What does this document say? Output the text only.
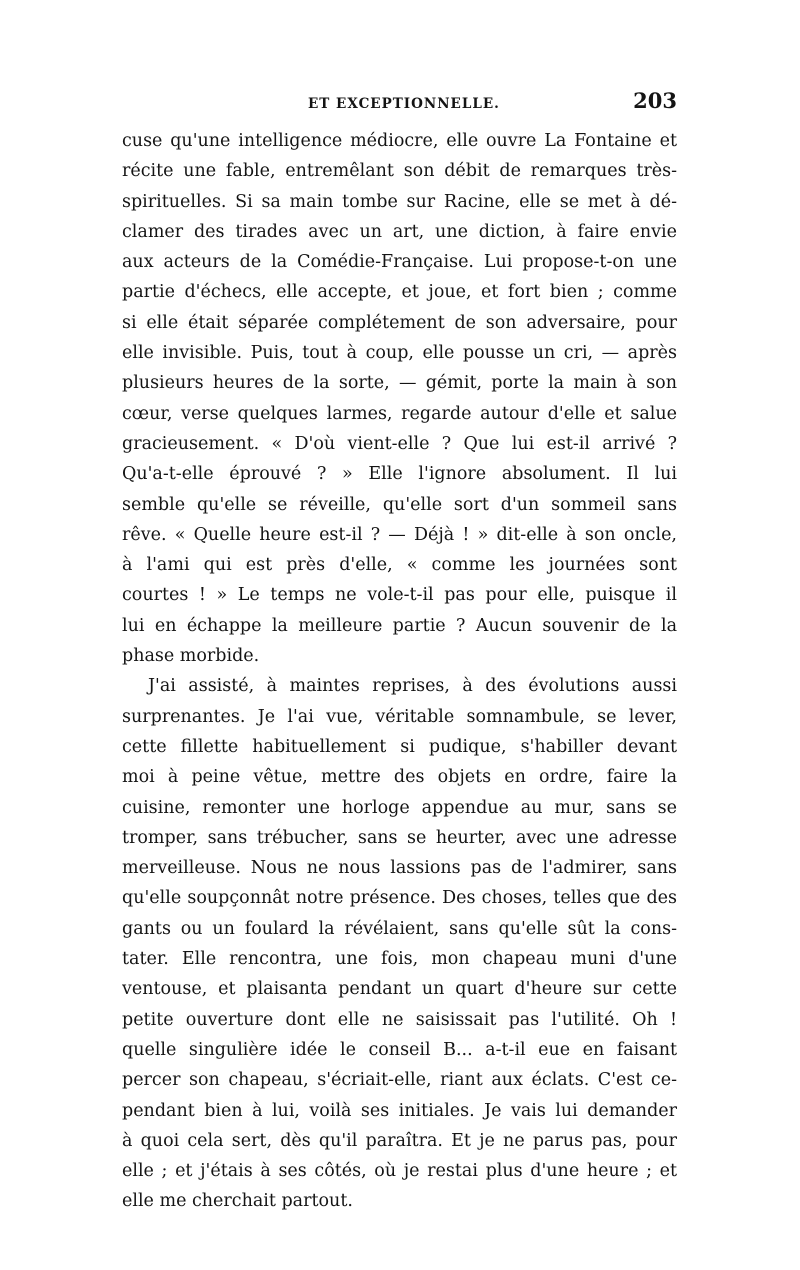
ET EXCEPTIONNELLE.	203
cuse qu'une intelligence médiocre, elle ouvre La Fontaine et
récite une fable, entremêlant son débit de remarques très-
spirituelles. Si sa main tombe sur Racine, elle se met à dé-
clamer des tirades avec un art, une diction, à faire envie
aux acteurs de la Comédie-Française. Lui propose-t-on une
partie d'échecs, elle accepte, et joue, et fort bien ; comme
si elle était séparée complétement de son adversaire, pour
elle invisible. Puis, tout à coup, elle pousse un cri, — après
plusieurs heures de la sorte, — gémit, porte la main à son
cœur, verse quelques larmes, regarde autour d'elle et salue
gracieusement. « D'où vient-elle ? Que lui est-il arrivé ?
Qu'a-t-elle éprouvé ? » Elle l'ignore absolument. Il lui
semble qu'elle se réveille, qu'elle sort d'un sommeil sans
rêve. « Quelle heure est-il ? — Déjà ! » dit-elle à son oncle,
à l'ami qui est près d'elle, « comme les journées sont
courtes ! » Le temps ne vole-t-il pas pour elle, puisque il
lui en échappe la meilleure partie ? Aucun souvenir de la
phase morbide.
J'ai assisté, à maintes reprises, à des évolutions aussi
surprenantes. Je l'ai vue, véritable somnambule, se lever,
cette fillette habituellement si pudique, s'habiller devant
moi à peine vêtue, mettre des objets en ordre, faire la
cuisine, remonter une horloge appendue au mur, sans se
tromper, sans trébucher, sans se heurter, avec une adresse
merveilleuse. Nous ne nous lassions pas de l'admirer, sans
qu'elle soupçonnât notre présence. Des choses, telles que des
gants ou un foulard la révélaient, sans qu'elle sût la cons-
tater. Elle rencontra, une fois, mon chapeau muni d'une
ventouse, et plaisanta pendant un quart d'heure sur cette
petite ouverture dont elle ne saisissait pas l'utilité. Oh !
quelle singulière idée le conseil B... a-t-il eue en faisant
percer son chapeau, s'écriait-elle, riant aux éclats. C'est ce-
pendant bien à lui, voilà ses initiales. Je vais lui demander
à quoi cela sert, dès qu'il paraîtra. Et je ne parus pas, pour
elle ; et j'étais à ses côtés, où je restai plus d'une heure ; et
elle me cherchait partout.
